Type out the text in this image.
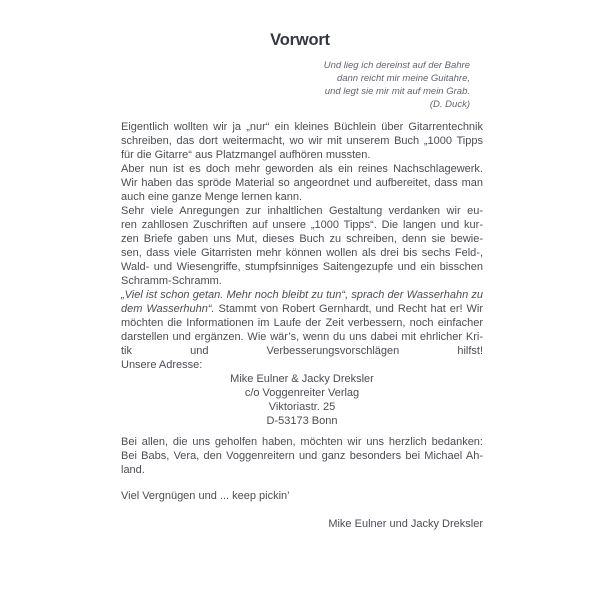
Vorwort
Und lieg ich dereinst auf der Bahre
dann reicht mir meine Guitahre,
und legt sie mir mit auf mein Grab.
(D. Duck)
Eigentlich wollten wir ja „nur“ ein kleines Büchlein über Gitarrentechnik
schreiben, das dort weitermacht, wo wir mit unserem Buch „1000 Tipps
für die Gitarre“ aus Platzmangel aufhören mussten.
Aber nun ist es doch mehr geworden als ein reines Nachschlagewerk.
Wir haben das spröde Material so angeordnet und aufbereitet, dass man
auch eine ganze Menge lernen kann.
Sehr viele Anregungen zur inhaltlichen Gestaltung verdanken wir eu-
ren zahllosen Zuschriften auf unsere „1000 Tipps“. Die langen und kur-
zen Briefe gaben uns Mut, dieses Buch zu schreiben, denn sie bewie-
sen, dass viele Gitarristen mehr können wollen als drei bis sechs Feld-,
Wald- und Wiesengriffe, stumpfsinniges Saitengezupfe und ein bisschen
Schramm-Schramm.
„Viel ist schon getan. Mehr noch bleibt zu tun“, sprach der Wasserhahn zu
dem Wasserhuhn“. Stammt von Robert Gernhardt, und Recht hat er! Wir
möchten die Informationen im Laufe der Zeit verbessern, noch einfacher
darstellen und ergänzen. Wie wär’s, wenn du uns dabei mit ehrlicher Kri-
tik und Verbesserungsvorschlägen hilfst!
Unsere Adresse:
Mike Eulner & Jacky Dreksler
c/o Voggenreiter Verlag
Viktoriastr. 25
D-53173 Bonn
Bei allen, die uns geholfen haben, möchten wir uns herzlich bedanken:
Bei Babs, Vera, den Voggenreitern und ganz besonders bei Michael Ah-
land.
Viel Vergnügen und ... keep pickin’
Mike Eulner und Jacky Dreksler
